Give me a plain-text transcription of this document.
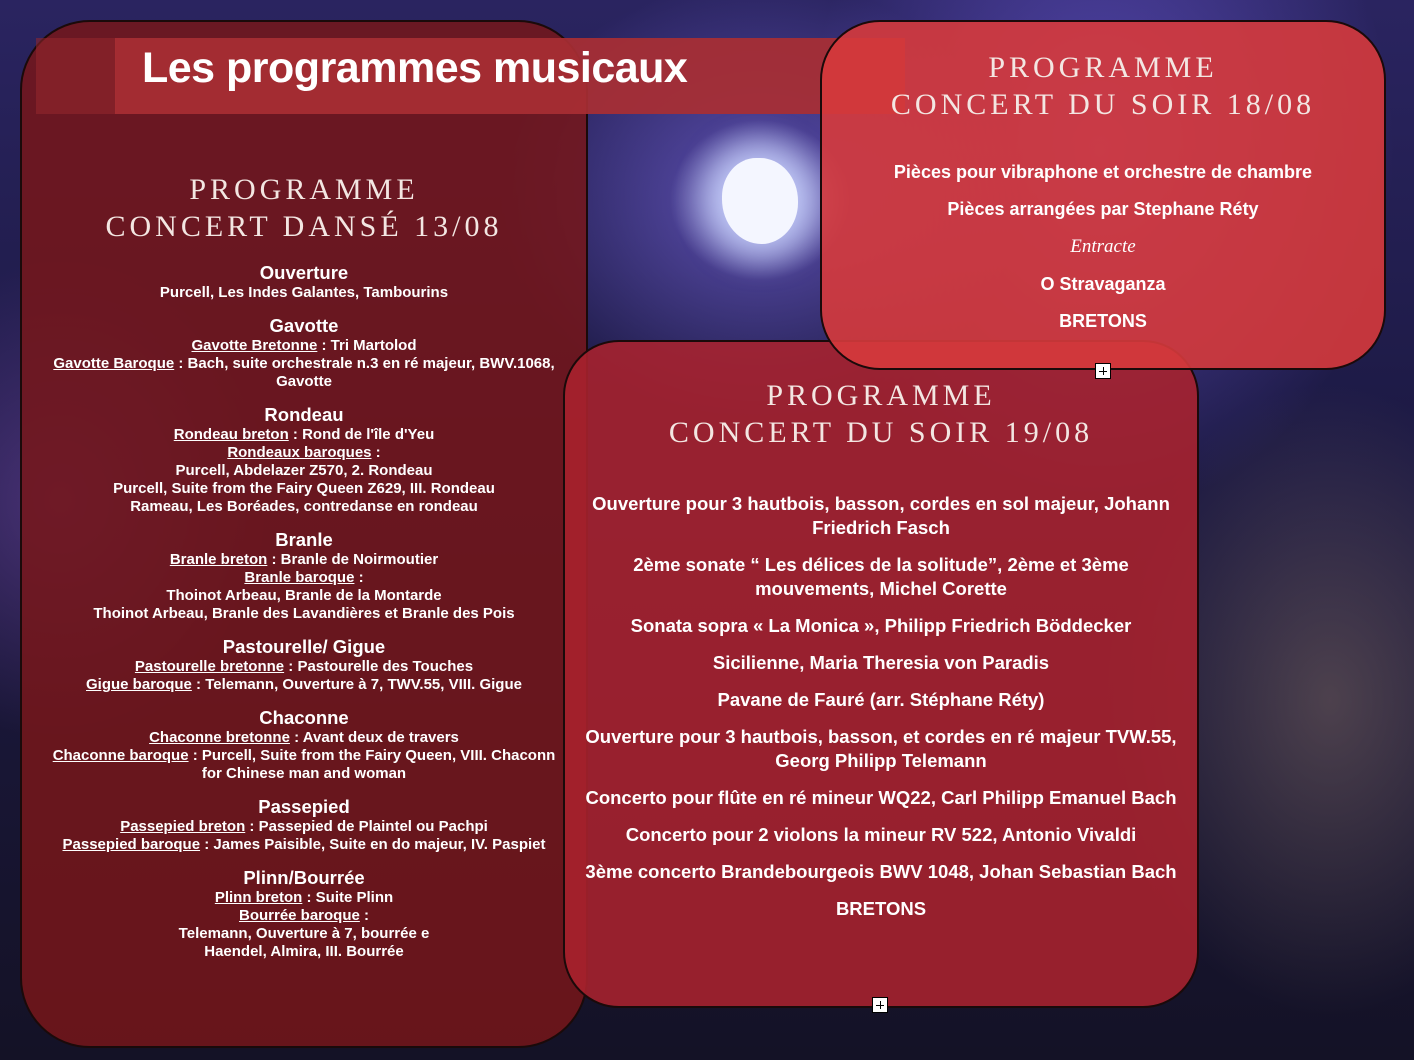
PROGRAMME
CONCERT DANSÉ 13/08
Ouverture
Purcell, Les Indes Galantes, Tambourins
Gavotte
Gavotte Bretonne : Tri Martolod
Gavotte Baroque : Bach, suite orchestrale n.3 en ré majeur, BWV.1068,
Gavotte
Rondeau
Rondeau breton : Rond de l'île d'Yeu
Rondeaux baroques :
Purcell, Abdelazer Z570, 2. Rondeau
Purcell, Suite from the Fairy Queen Z629, III. Rondeau
Rameau, Les Boréades, contredanse en rondeau
Branle
Branle breton : Branle de Noirmoutier
Branle baroque :
Thoinot Arbeau, Branle de la Montarde
Thoinot Arbeau, Branle des Lavandières et Branle des Pois
Pastourelle/ Gigue
Pastourelle bretonne : Pastourelle des Touches
Gigue baroque : Telemann, Ouverture à 7, TWV.55, VIII. Gigue
Chaconne
Chaconne bretonne : Avant deux de travers
Chaconne baroque : Purcell, Suite from the Fairy Queen, VIII. Chaconn
for Chinese man and woman
Passepied
Passepied breton : Passepied de Plaintel ou Pachpi
Passepied baroque : James Paisible, Suite en do majeur, IV. Paspiet
Plinn/Bourrée
Plinn breton : Suite Plinn
Bourrée baroque :
Telemann, Ouverture à 7, bourrée e
Haendel, Almira, III. Bourrée
Les programmes musicaux
PROGRAMME
CONCERT DU SOIR 19/08
Ouverture pour 3 hautbois, basson, cordes en sol majeur, Johann Friedrich Fasch
2ème sonate “ Les délices de la solitude”, 2ème et 3ème mouvements, Michel Corette
Sonata sopra « La Monica », Philipp Friedrich Böddecker
Sicilienne, Maria Theresia von Paradis
Pavane de Fauré (arr. Stéphane Réty)
Ouverture pour 3 hautbois, basson, et cordes en ré majeur TVW.55, Georg Philipp Telemann
Concerto pour flûte en ré mineur WQ22, Carl Philipp Emanuel Bach
Concerto pour 2 violons la mineur RV 522, Antonio Vivaldi
3ème concerto Brandebourgeois BWV 1048, Johan Sebastian Bach
BRETONS
PROGRAMME
CONCERT DU SOIR 18/08
Pièces pour vibraphone et orchestre de chambre
Pièces arrangées par Stephane Réty
Entracte
O Stravaganza
BRETONS
